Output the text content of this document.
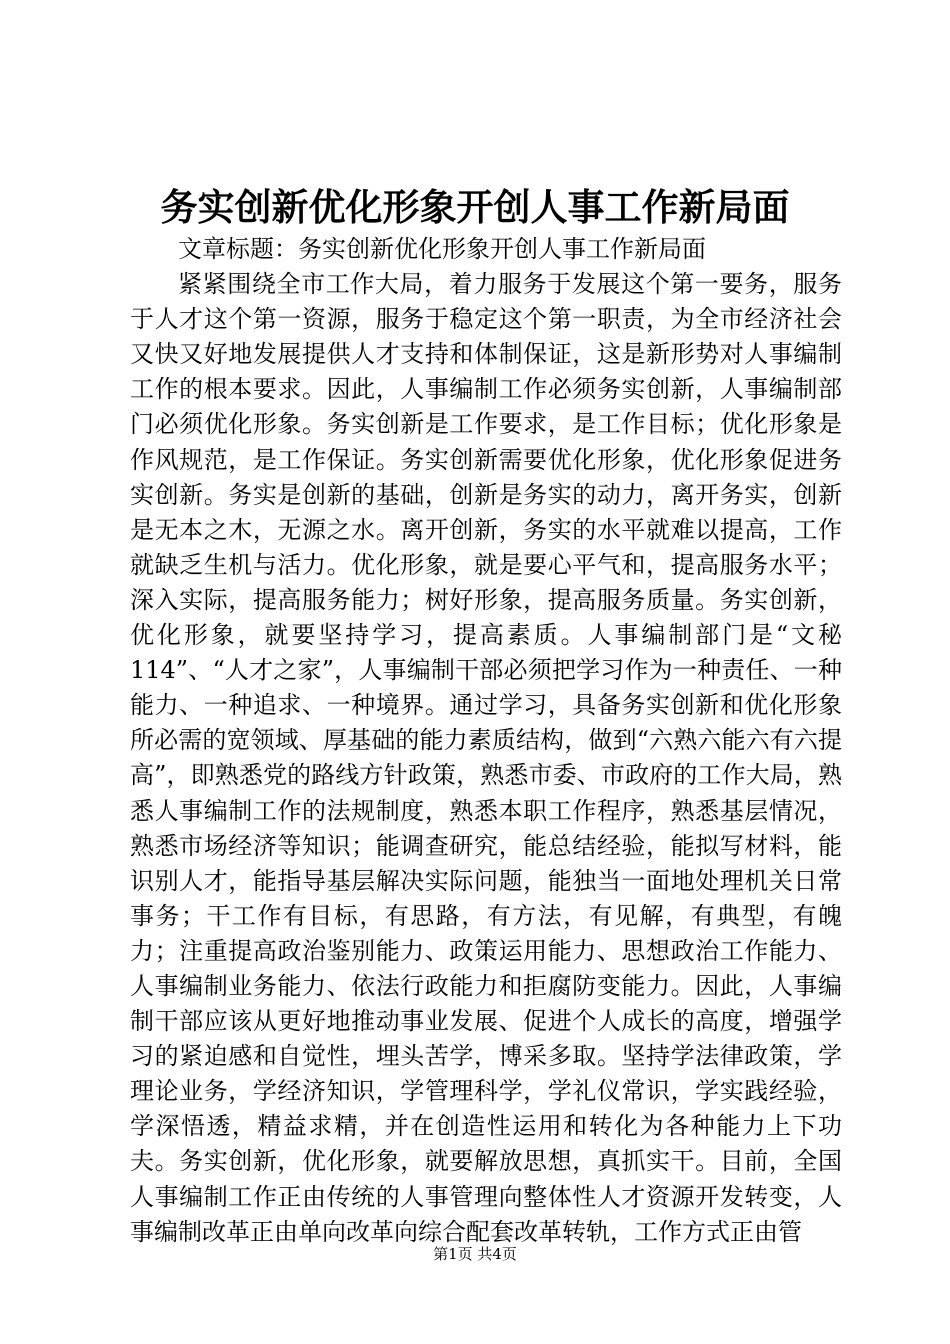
务实创新优化形象开创人事工作新局面

文章标题：务实创新优化形象开创人事工作新局面

紧紧围绕全市工作大局，着力服务于发展这个第一要务，服务于人才这个第一资源，服务于稳定这个第一职责，为全市经济社会又快又好地发展提供人才支持和体制保证，这是新形势对人事编制工作的根本要求。因此，人事编制工作必须务实创新，人事编制部门必须优化形象。务实创新是工作要求，是工作目标；优化形象是作风规范，是工作保证。务实创新需要优化形象，优化形象促进务实创新。务实是创新的基础，创新是务实的动力，离开务实，创新是无本之木，无源之水。离开创新，务实的水平就难以提高，工作就缺乏生机与活力。优化形象，就是要心平气和，提高服务水平；深入实际，提高服务能力；树好形象，提高服务质量。务实创新，优化形象，就要坚持学习，提高素质。人事编制部门是“文秘114”、“人才之家”，人事编制干部必须把学习作为一种责任、一种能力、一种追求、一种境界。通过学习，具备务实创新和优化形象所必需的宽领域、厚基础的能力素质结构，做到“六熟六能六有六提高”，即熟悉党的路线方针政策，熟悉市委、市政府的工作大局，熟悉人事编制工作的法规制度，熟悉本职工作程序，熟悉基层情况，熟悉市场经济等知识；能调查研究，能总结经验，能拟写材料，能识别人才，能指导基层解决实际问题，能独当一面地处理机关日常事务；干工作有目标，有思路，有方法，有见解，有典型，有魄力；注重提高政治鉴别能力、政策运用能力、思想政治工作能力、人事编制业务能力、依法行政能力和拒腐防变能力。因此，人事编制干部应该从更好地推动事业发展、促进个人成长的高度，增强学习的紧迫感和自觉性，埋头苦学，博采多取。坚持学法律政策，学理论业务，学经济知识，学管理科学，学礼仪常识，学实践经验，学深悟透，精益求精，并在创造性运用和转化为各种能力上下功夫。务实创新，优化形象，就要解放思想，真抓实干。目前，全国人事编制工作正由传统的人事管理向整体性人才资源开发转变，人事编制改革正由单向改革向综合配套改革转轨，工作方式正由管

第1页 共4页
